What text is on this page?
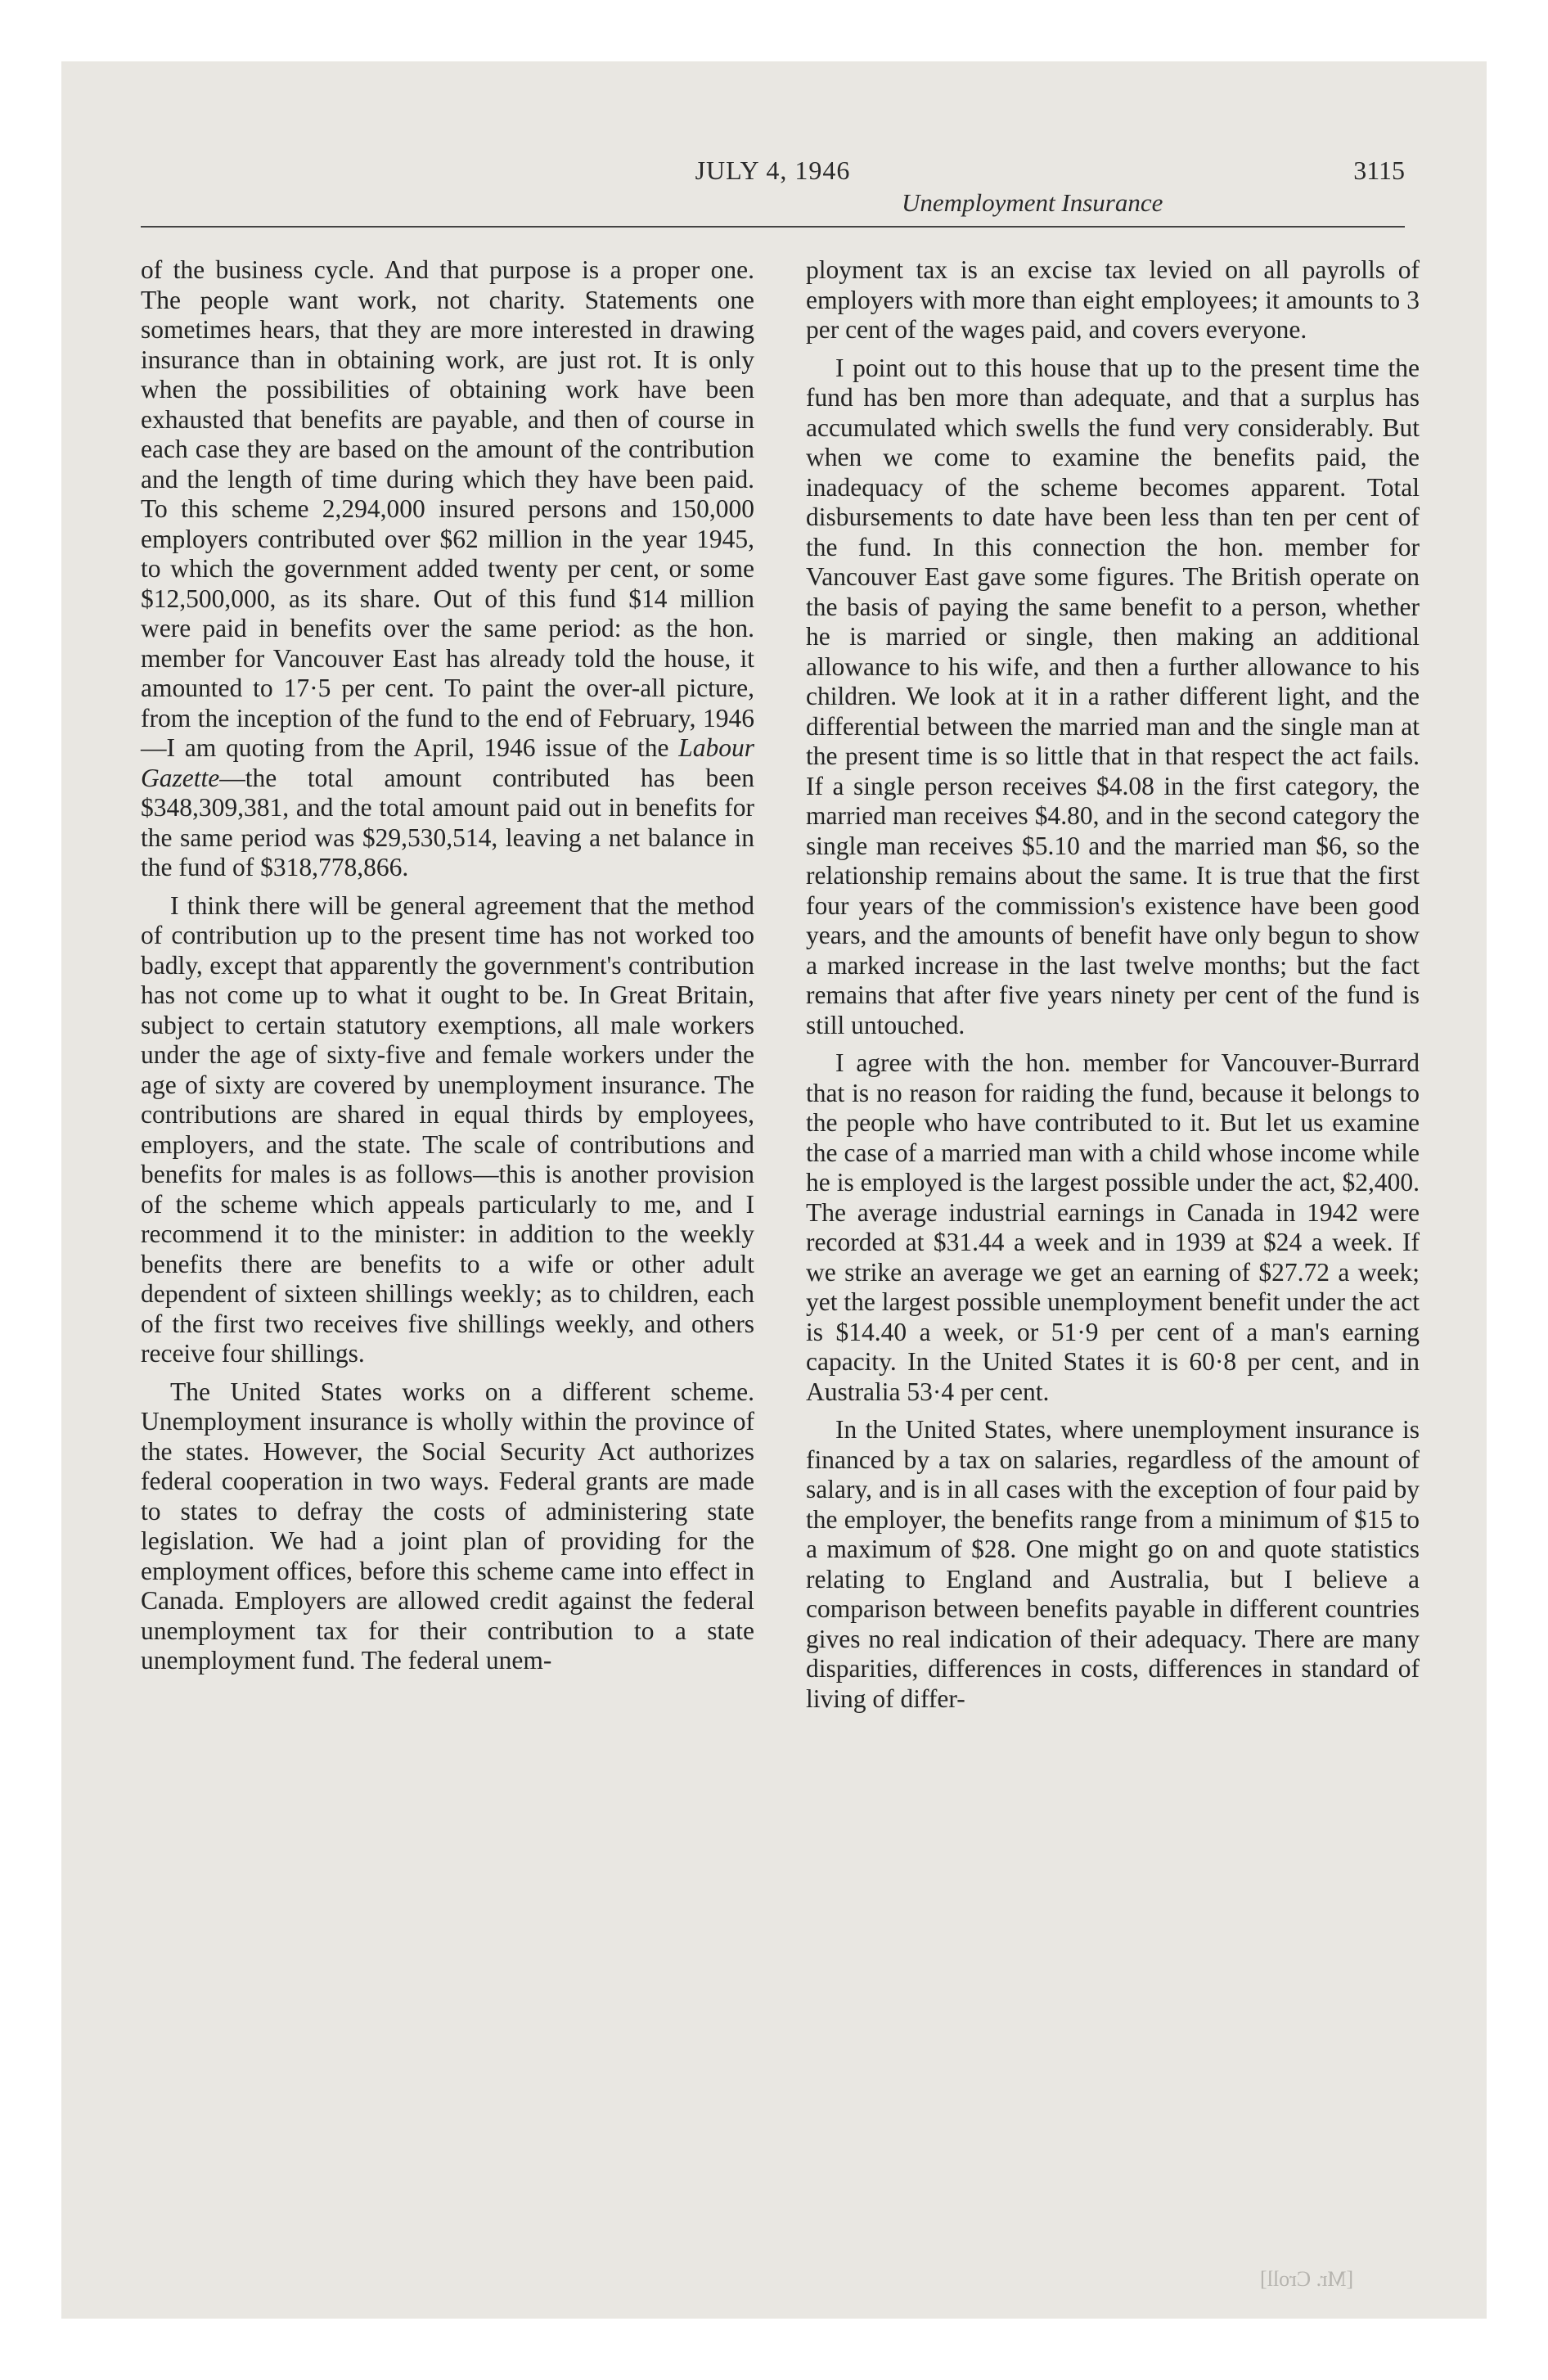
JULY 4, 1946	3115
Unemployment Insurance

of the business cycle. And that purpose is a proper one. The people want work, not charity. Statements one sometimes hears, that they are more interested in drawing insurance than in obtaining work, are just rot. It is only when the possibilities of obtaining work have been exhausted that benefits are payable, and then of course in each case they are based on the amount of the contribution and the length of time during which they have been paid. To this scheme 2,294,000 insured persons and 150,000 employers contributed over $62 million in the year 1945, to which the government added twenty per cent, or some $12,500,000, as its share. Out of this fund $14 million were paid in benefits over the same period: as the hon. member for Vancouver East has already told the house, it amounted to 17·5 per cent. To paint the over-all picture, from the inception of the fund to the end of February, 1946—I am quoting from the April, 1946 issue of the Labour Gazette—the total amount contributed has been $348,309,381, and the total amount paid out in benefits for the same period was $29,530,514, leaving a net balance in the fund of $318,778,866.

I think there will be general agreement that the method of contribution up to the present time has not worked too badly, except that apparently the government's contribution has not come up to what it ought to be. In Great Britain, subject to certain statutory exemptions, all male workers under the age of sixty-five and female workers under the age of sixty are covered by unemployment insurance. The contributions are shared in equal thirds by employees, employers, and the state. The scale of contributions and benefits for males is as follows—this is another provision of the scheme which appeals particularly to me, and I recommend it to the minister: in addition to the weekly benefits there are benefits to a wife or other adult dependent of sixteen shillings weekly; as to children, each of the first two receives five shillings weekly, and others receive four shillings.

The United States works on a different scheme. Unemployment insurance is wholly within the province of the states. However, the Social Security Act authorizes federal cooperation in two ways. Federal grants are made to states to defray the costs of administering state legislation. We had a joint plan of providing for the employment offices, before this scheme came into effect in Canada. Employers are allowed credit against the federal unemployment tax for their contribution to a state unemployment fund. The federal unem-

ployment tax is an excise tax levied on all payrolls of employers with more than eight employees; it amounts to 3 per cent of the wages paid, and covers everyone.

I point out to this house that up to the present time the fund has ben more than adequate, and that a surplus has accumulated which swells the fund very considerably. But when we come to examine the benefits paid, the inadequacy of the scheme becomes apparent. Total disbursements to date have been less than ten per cent of the fund. In this connection the hon. member for Vancouver East gave some figures. The British operate on the basis of paying the same benefit to a person, whether he is married or single, then making an additional allowance to his wife, and then a further allowance to his children. We look at it in a rather different light, and the differential between the married man and the single man at the present time is so little that in that respect the act fails. If a single person receives $4.08 in the first category, the married man receives $4.80, and in the second category the single man receives $5.10 and the married man $6, so the relationship remains about the same. It is true that the first four years of the commission's existence have been good years, and the amounts of benefit have only begun to show a marked increase in the last twelve months; but the fact remains that after five years ninety per cent of the fund is still untouched.

I agree with the hon. member for Vancouver-Burrard that is no reason for raiding the fund, because it belongs to the people who have contributed to it. But let us examine the case of a married man with a child whose income while he is employed is the largest possible under the act, $2,400. The average industrial earnings in Canada in 1942 were recorded at $31.44 a week and in 1939 at $24 a week. If we strike an average we get an earning of $27.72 a week; yet the largest possible unemployment benefit under the act is $14.40 a week, or 51·9 per cent of a man's earning capacity. In the United States it is 60·8 per cent, and in Australia 53·4 per cent.

In the United States, where unemployment insurance is financed by a tax on salaries, regardless of the amount of salary, and is in all cases with the exception of four paid by the employer, the benefits range from a minimum of $15 to a maximum of $28. One might go on and quote statistics relating to England and Australia, but I believe a comparison between benefits payable in different countries gives no real indication of their adequacy. There are many disparities, differences in costs, differences in standard of living of differ-

[Mr. Croll]
